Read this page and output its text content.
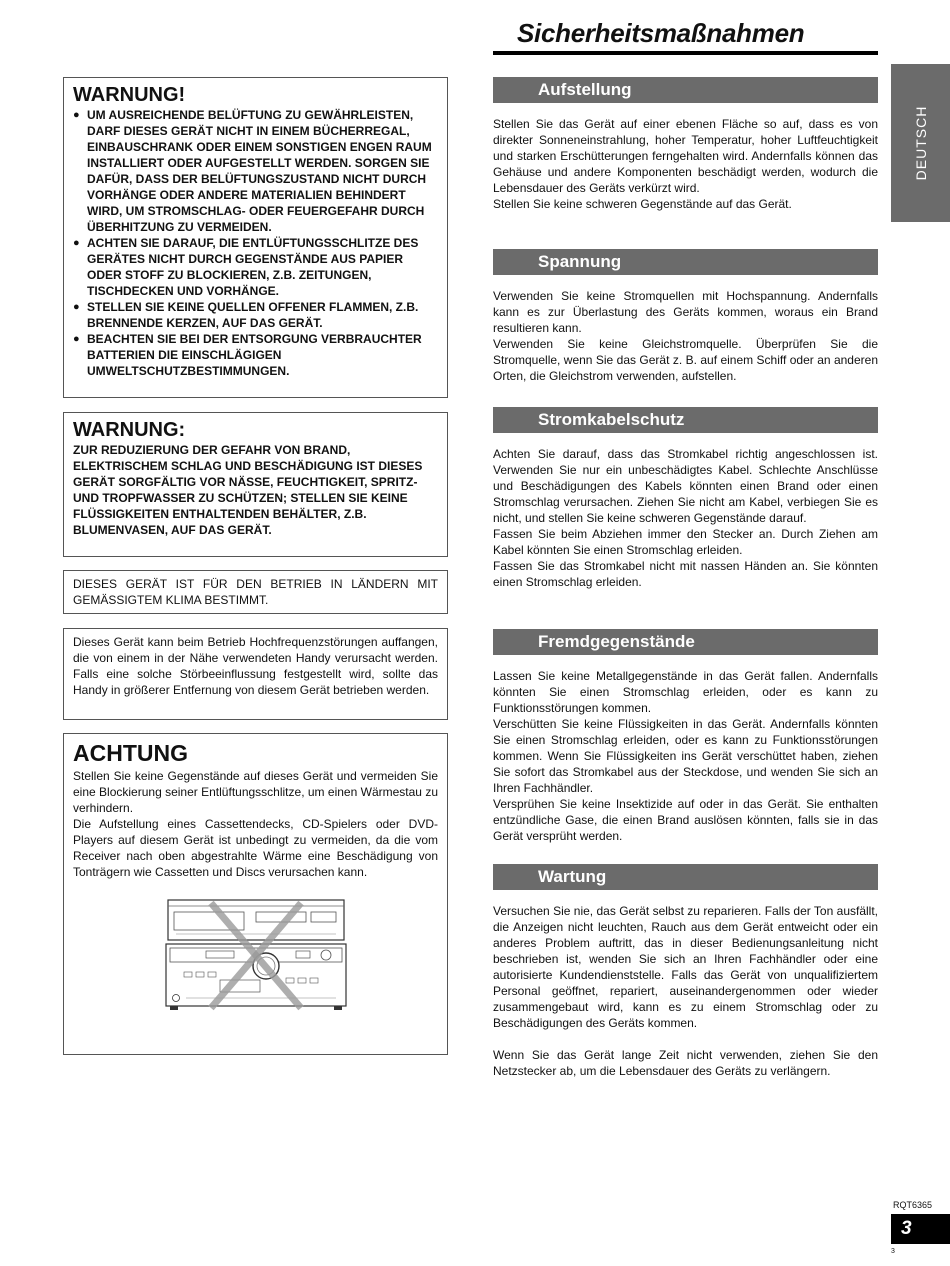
Sicherheitsmaßnahmen
DEUTSCH
WARNUNG!
● UM AUSREICHENDE BELÜFTUNG ZU GEWÄHRLEISTEN, DARF DIESES GERÄT NICHT IN EINEM BÜCHERREGAL, EINBAUSCHRANK ODER EINEM SONSTIGEN ENGEN RAUM INSTALLIERT ODER AUFGESTELLT WERDEN. SORGEN SIE DAFÜR, DASS DER BELÜFTUNGSZUSTAND NICHT DURCH VORHÄNGE ODER ANDERE MATERIALIEN BEHINDERT WIRD, UM STROMSCHLAG- ODER FEUERGEFAHR DURCH ÜBERHITZUNG ZU VERMEIDEN.
● ACHTEN SIE DARAUF, DIE ENTLÜFTUNGSSCHLITZE DES GERÄTES NICHT DURCH GEGENSTÄNDE AUS PAPIER ODER STOFF ZU BLOCKIEREN, Z.B. ZEITUNGEN, TISCHDECKEN UND VORHÄNGE.
● STELLEN SIE KEINE QUELLEN OFFENER FLAMMEN, Z.B. BRENNENDE KERZEN, AUF DAS GERÄT.
● BEACHTEN SIE BEI DER ENTSORGUNG VERBRAUCHTER BATTERIEN DIE EINSCHLÄGIGEN UMWELTSCHUTZBESTIMMUNGEN.
WARNUNG:

ZUR REDUZIERUNG DER GEFAHR VON BRAND, ELEKTRISCHEM SCHLAG UND BESCHÄDIGUNG IST DIESES GERÄT SORGFÄLTIG VOR NÄSSE, FEUCHTIGKEIT, SPRITZ- UND TROPFWASSER ZU SCHÜTZEN; STELLEN SIE KEINE FLÜSSIGKEITEN ENTHALTENDEN BEHÄLTER, Z.B. BLUMENVASEN, AUF DAS GERÄT.

DIESES GERÄT IST FÜR DEN BETRIEB IN LÄNDERN MIT GEMÄSSIGTEM KLIMA BESTIMMT.

Dieses Gerät kann beim Betrieb Hochfrequenzstörungen auffangen, die von einem in der Nähe verwendeten Handy verursacht werden. Falls eine solche Störbeeinflussung festgestellt wird, sollte das Handy in größerer Entfernung von diesem Gerät betrieben werden.

ACHTUNG

Stellen Sie keine Gegenstände auf dieses Gerät und vermeiden Sie eine Blockierung seiner Entlüftungsschlitze, um einen Wärmestau zu verhindern.

Die Aufstellung eines Cassettendecks, CD-Spielers oder DVD-Players auf diesem Gerät ist unbedingt zu vermeiden, da die vom Receiver nach oben abgestrahlte Wärme eine Beschädigung von Tonträgern wie Cassetten und Discs verursachen kann.

Aufstellung

Stellen Sie das Gerät auf einer ebenen Fläche so auf, dass es von direkter Sonneneinstrahlung, hoher Temperatur, hoher Luftfeuchtigkeit und starken Erschütterungen ferngehalten wird. Andernfalls können das Gehäuse und andere Komponenten beschädigt werden, wodurch die Lebensdauer des Geräts verkürzt wird.

Stellen Sie keine schweren Gegenstände auf das Gerät.

Spannung

Verwenden Sie keine Stromquellen mit Hochspannung. Andernfalls kann es zur Überlastung des Geräts kommen, woraus ein Brand resultieren kann.

Verwenden Sie keine Gleichstromquelle. Überprüfen Sie die Stromquelle, wenn Sie das Gerät z. B. auf einem Schiff oder an anderen Orten, die Gleichstrom verwenden, aufstellen.

Stromkabelschutz

Achten Sie darauf, dass das Stromkabel richtig angeschlossen ist. Verwenden Sie nur ein unbeschädigtes Kabel. Schlechte Anschlüsse und Beschädigungen des Kabels könnten einen Brand oder einen Stromschlag verursachen. Ziehen Sie nicht am Kabel, verbiegen Sie es nicht, und stellen Sie keine schweren Gegenstände darauf.

Fassen Sie beim Abziehen immer den Stecker an. Durch Ziehen am Kabel könnten Sie einen Stromschlag erleiden.

Fassen Sie das Stromkabel nicht mit nassen Händen an. Sie könnten einen Stromschlag erleiden.

Fremdgegenstände

Lassen Sie keine Metallgegenstände in das Gerät fallen. Andernfalls könnten Sie einen Stromschlag erleiden, oder es kann zu Funktionsstörungen kommen.

Verschütten Sie keine Flüssigkeiten in das Gerät. Andernfalls könnten Sie einen Stromschlag erleiden, oder es kann zu Funktionsstörungen kommen. Wenn Sie Flüssigkeiten ins Gerät verschüttet haben, ziehen Sie sofort das Stromkabel aus der Steckdose, und wenden Sie sich an Ihren Fachhändler.

Versprühen Sie keine Insektizide auf oder in das Gerät. Sie enthalten entzündliche Gase, die einen Brand auslösen könnten, falls sie in das Gerät versprüht werden.

Wartung

Versuchen Sie nie, das Gerät selbst zu reparieren. Falls der Ton ausfällt, die Anzeigen nicht leuchten, Rauch aus dem Gerät entweicht oder ein anderes Problem auftritt, das in dieser Bedienungsanleitung nicht beschrieben ist, wenden Sie sich an Ihren Fachhändler oder eine autorisierte Kundendienststelle. Falls das Gerät von unqualifiziertem Personal geöffnet, repariert, auseinandergenommen oder wieder zusammengebaut wird, kann es zu einem Stromschlag oder zu Beschädigungen des Geräts kommen.

Wenn Sie das Gerät lange Zeit nicht verwenden, ziehen Sie den Netzstecker ab, um die Lebensdauer des Geräts zu verlängern.

RQT6365
3
3
